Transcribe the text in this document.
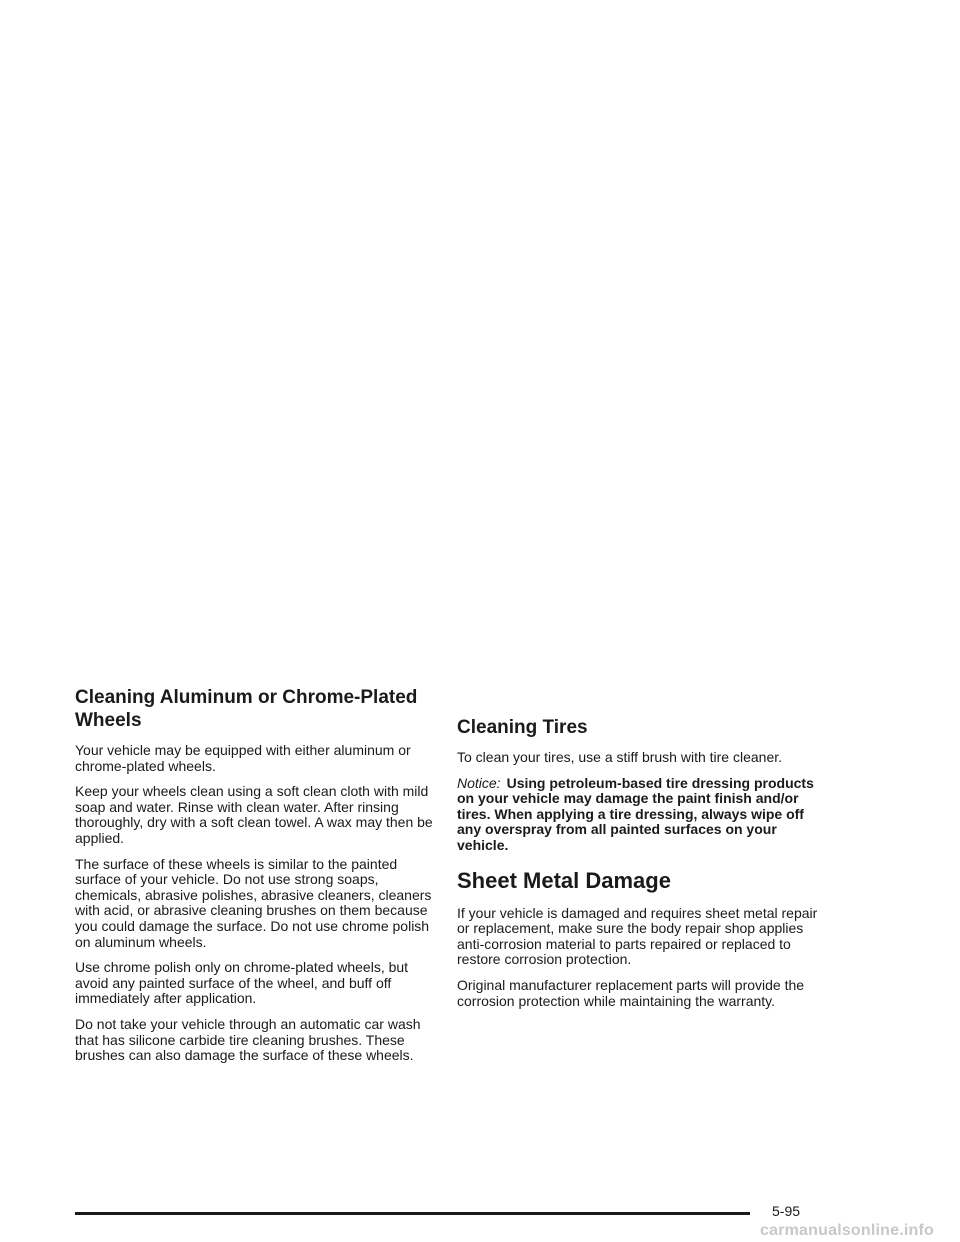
Cleaning Aluminum or Chrome-Plated Wheels

Your vehicle may be equipped with either aluminum or chrome-plated wheels.

Keep your wheels clean using a soft clean cloth with mild soap and water. Rinse with clean water. After rinsing thoroughly, dry with a soft clean towel. A wax may then be applied.

The surface of these wheels is similar to the painted surface of your vehicle. Do not use strong soaps, chemicals, abrasive polishes, abrasive cleaners, cleaners with acid, or abrasive cleaning brushes on them because you could damage the surface. Do not use chrome polish on aluminum wheels.

Use chrome polish only on chrome-plated wheels, but avoid any painted surface of the wheel, and buff off immediately after application.

Do not take your vehicle through an automatic car wash that has silicone carbide tire cleaning brushes. These brushes can also damage the surface of these wheels.

Cleaning Tires

To clean your tires, use a stiff brush with tire cleaner.

Notice: Using petroleum-based tire dressing products on your vehicle may damage the paint finish and/or tires. When applying a tire dressing, always wipe off any overspray from all painted surfaces on your vehicle.

Sheet Metal Damage

If your vehicle is damaged and requires sheet metal repair or replacement, make sure the body repair shop applies anti-corrosion material to parts repaired or replaced to restore corrosion protection.

Original manufacturer replacement parts will provide the corrosion protection while maintaining the warranty.

5-95
carmanualsonline.info
